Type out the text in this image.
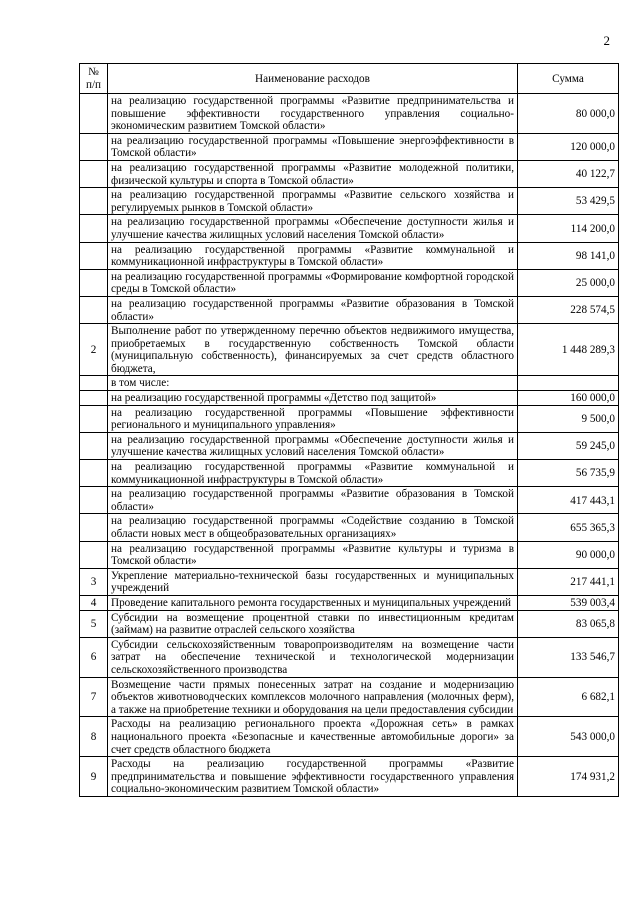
2
№
п/п	Наименование расходов	Сумма
	на реализацию государственной программы «Развитие предпринимательства и повышение эффективности государственного управления социально-экономическим развитием Томской области»	80 000,0
	на реализацию государственной программы «Повышение энергоэффективности в Томской области»	120 000,0
	на реализацию государственной программы «Развитие молодежной политики, физической культуры и спорта в Томской области»	40 122,7
	на реализацию государственной программы «Развитие сельского хозяйства и регулируемых рынков в Томской области»	53 429,5
	на реализацию государственной программы «Обеспечение доступности жилья и улучшение качества жилищных условий населения Томской области»	114 200,0
	на реализацию государственной программы «Развитие коммунальной и коммуникационной инфраструктуры в Томской области»	98 141,0
	на реализацию государственной программы «Формирование комфортной городской среды в Томской области»	25 000,0
	на реализацию государственной программы «Развитие образования в Томской области»	228 574,5
2	Выполнение работ по утвержденному перечню объектов недвижимого имущества, приобретаемых в государственную собственность Томской области (муниципальную собственность), финансируемых за счет средств областного бюджета,	1 448 289,3
	в том числе:	
	на реализацию государственной программы «Детство под защитой»	160 000,0
	на реализацию государственной программы «Повышение эффективности регионального и муниципального управления»	9 500,0
	на реализацию государственной программы «Обеспечение доступности жилья и улучшение качества жилищных условий населения Томской области»	59 245,0
	на реализацию государственной программы «Развитие коммунальной и коммуникационной инфраструктуры в Томской области»	56 735,9
	на реализацию государственной программы «Развитие образования в Томской области»	417 443,1
	на реализацию государственной программы «Содействие созданию в Томской области новых мест в общеобразовательных организациях»	655 365,3
	на реализацию государственной программы «Развитие культуры и туризма в Томской области»	90 000,0
3	Укрепление материально-технической базы государственных и муниципальных учреждений	217 441,1
4	Проведение капитального ремонта государственных и муниципальных учреждений	539 003,4
5	Субсидии на возмещение процентной ставки по инвестиционным кредитам (займам) на развитие отраслей сельского хозяйства	83 065,8
6	Субсидии сельскохозяйственным товаропроизводителям на возмещение части затрат на обеспечение технической и технологической модернизации сельскохозяйственного производства	133 546,7
7	Возмещение части прямых понесенных затрат на создание и модернизацию объектов животноводческих комплексов молочного направления (молочных ферм), а также на приобретение техники и оборудования на цели предоставления субсидии	6 682,1
8	Расходы на реализацию регионального проекта «Дорожная сеть» в рамках национального проекта «Безопасные и качественные автомобильные дороги» за счет средств областного бюджета	543 000,0
9	Расходы на реализацию государственной программы «Развитие предпринимательства и повышение эффективности государственного управления социально-экономическим развитием Томской области»	174 931,2
